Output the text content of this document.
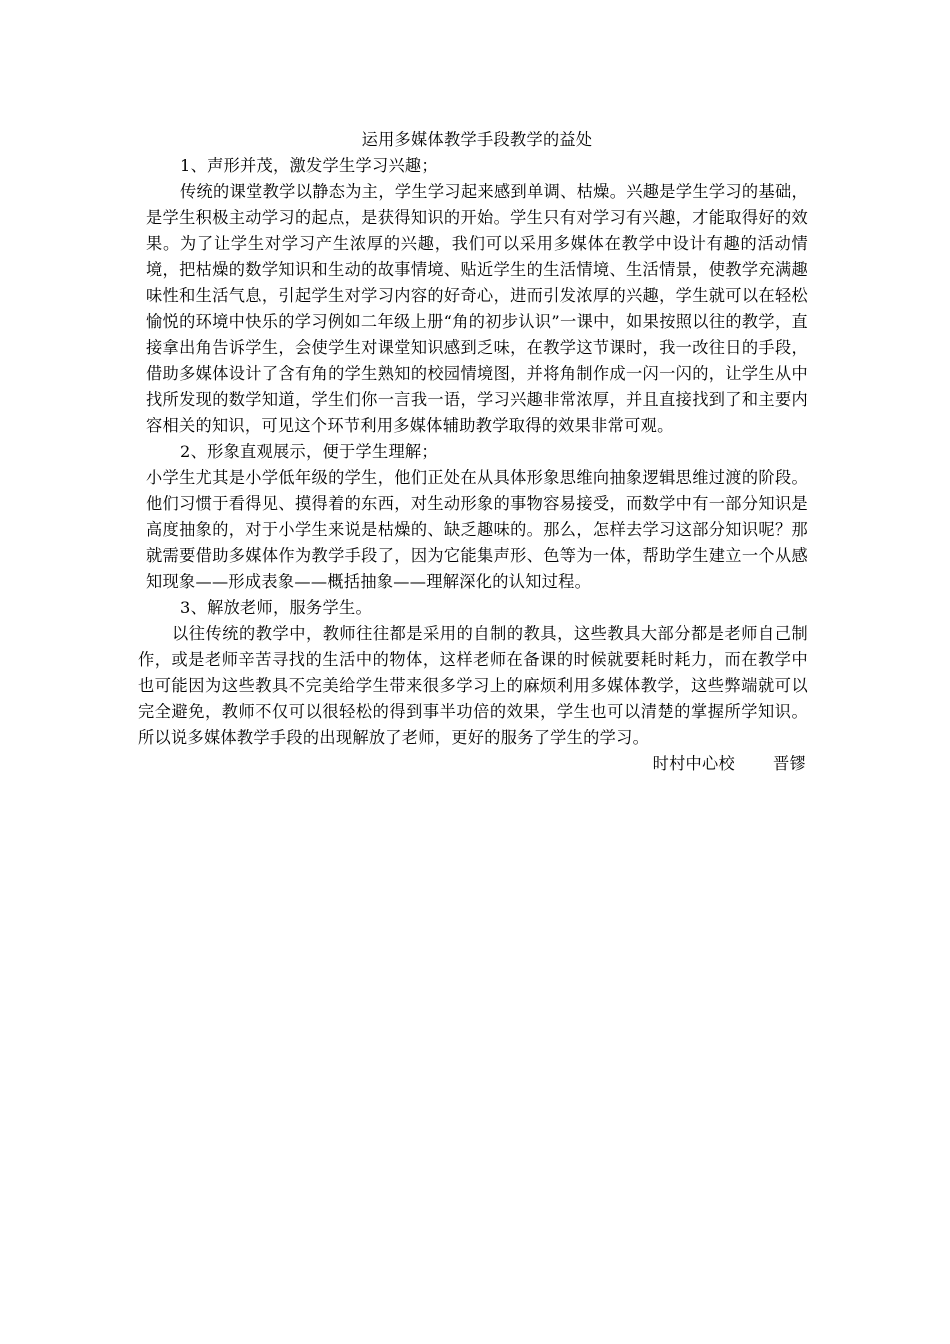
运用多媒体教学手段教学的益处

1、声形并茂，激发学生学习兴趣；

传统的课堂教学以静态为主，学生学习起来感到单调、枯燥。兴趣是学生学习的基础，是学生积极主动学习的起点，是获得知识的开始。学生只有对学习有兴趣，才能取得好的效果。为了让学生对学习产生浓厚的兴趣，我们可以采用多媒体在教学中设计有趣的活动情境，把枯燥的数学知识和生动的故事情境、贴近学生的生活情境、生活情景，使教学充满趣味性和生活气息，引起学生对学习内容的好奇心，进而引发浓厚的兴趣，学生就可以在轻松愉悦的环境中快乐的学习例如二年级上册“角的初步认识”一课中，如果按照以往的教学，直接拿出角告诉学生，会使学生对课堂知识感到乏味，在教学这节课时，我一改往日的手段，借助多媒体设计了含有角的学生熟知的校园情境图，并将角制作成一闪一闪的，让学生从中找所发现的数学知道，学生们你一言我一语，学习兴趣非常浓厚，并且直接找到了和主要内容相关的知识，可见这个环节利用多媒体辅助教学取得的效果非常可观。

2、形象直观展示，便于学生理解；

小学生尤其是小学低年级的学生，他们正处在从具体形象思维向抽象逻辑思维过渡的阶段。他们习惯于看得见、摸得着的东西，对生动形象的事物容易接受，而数学中有一部分知识是高度抽象的，对于小学生来说是枯燥的、缺乏趣味的。那么，怎样去学习这部分知识呢？那就需要借助多媒体作为教学手段了，因为它能集声形、色等为一体，帮助学生建立一个从感知现象——形成表象——概括抽象——理解深化的认知过程。

3、解放老师，服务学生。

以往传统的教学中，教师往往都是采用的自制的教具，这些教具大部分都是老师自己制作，或是老师辛苦寻找的生活中的物体，这样老师在备课的时候就要耗时耗力，而在教学中也可能因为这些教具不完美给学生带来很多学习上的麻烦利用多媒体教学，这些弊端就可以完全避免，教师不仅可以很轻松的得到事半功倍的效果，学生也可以清楚的掌握所学知识。所以说多媒体教学手段的出现解放了老师，更好的服务了学生的学习。

时村中心校 晋镠
